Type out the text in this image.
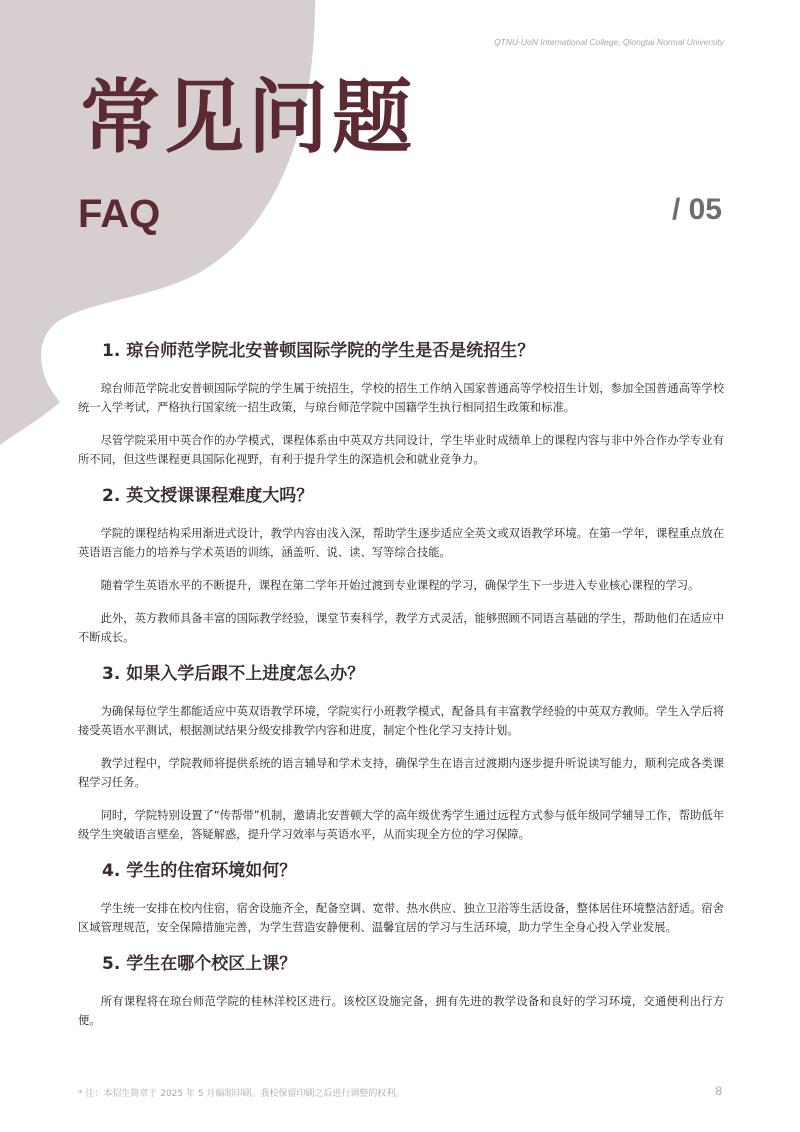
QTNU-UoN International College, Qiongtai Normal University
常见问题
FAQ	/ 05
1. 琼台师范学院北安普顿国际学院的学生是否是统招生？

琼台师范学院北安普顿国际学院的学生属于统招生，学校的招生工作纳入国家普通高等学校招生计划，参加全国普通高等学校统一入学考试，严格执行国家统一招生政策，与琼台师范学院中国籍学生执行相同招生政策和标准。

尽管学院采用中英合作的办学模式，课程体系由中英双方共同设计，学生毕业时成绩单上的课程内容与非中外合作办学专业有所不同，但这些课程更具国际化视野，有利于提升学生的深造机会和就业竞争力。

2. 英文授课课程难度大吗？

学院的课程结构采用渐进式设计，教学内容由浅入深，帮助学生逐步适应全英文或双语教学环境。在第一学年，课程重点放在英语语言能力的培养与学术英语的训练，涵盖听、说、读、写等综合技能。

随着学生英语水平的不断提升，课程在第二学年开始过渡到专业课程的学习，确保学生下一步进入专业核心课程的学习。

此外，英方教师具备丰富的国际教学经验，课堂节奏科学，教学方式灵活，能够照顾不同语言基础的学生，帮助他们在适应中不断成长。

3. 如果入学后跟不上进度怎么办？

为确保每位学生都能适应中英双语教学环境，学院实行小班教学模式，配备具有丰富教学经验的中英双方教师。学生入学后将接受英语水平测试，根据测试结果分级安排教学内容和进度，制定个性化学习支持计划。

教学过程中，学院教师将提供系统的语言辅导和学术支持，确保学生在语言过渡期内逐步提升听说读写能力，顺利完成各类课程学习任务。

同时，学院特别设置了“传帮带”机制，邀请北安普顿大学的高年级优秀学生通过远程方式参与低年级同学辅导工作，帮助低年级学生突破语言壁垒，答疑解惑，提升学习效率与英语水平，从而实现全方位的学习保障。

4. 学生的住宿环境如何？

学生统一安排在校内住宿，宿舍设施齐全，配备空调、宽带、热水供应、独立卫浴等生活设备，整体居住环境整洁舒适。宿舍区域管理规范，安全保障措施完善，为学生营造安静便利、温馨宜居的学习与生活环境，助力学生全身心投入学业发展。

5. 学生在哪个校区上课？

所有课程将在琼台师范学院的桂林洋校区进行。该校区设施完备，拥有先进的教学设备和良好的学习环境，交通便利出行方便。

* 注：本招生简章于 2025 年 5 月编制印刷。我校保留印刷之后进行调整的权利。	8
